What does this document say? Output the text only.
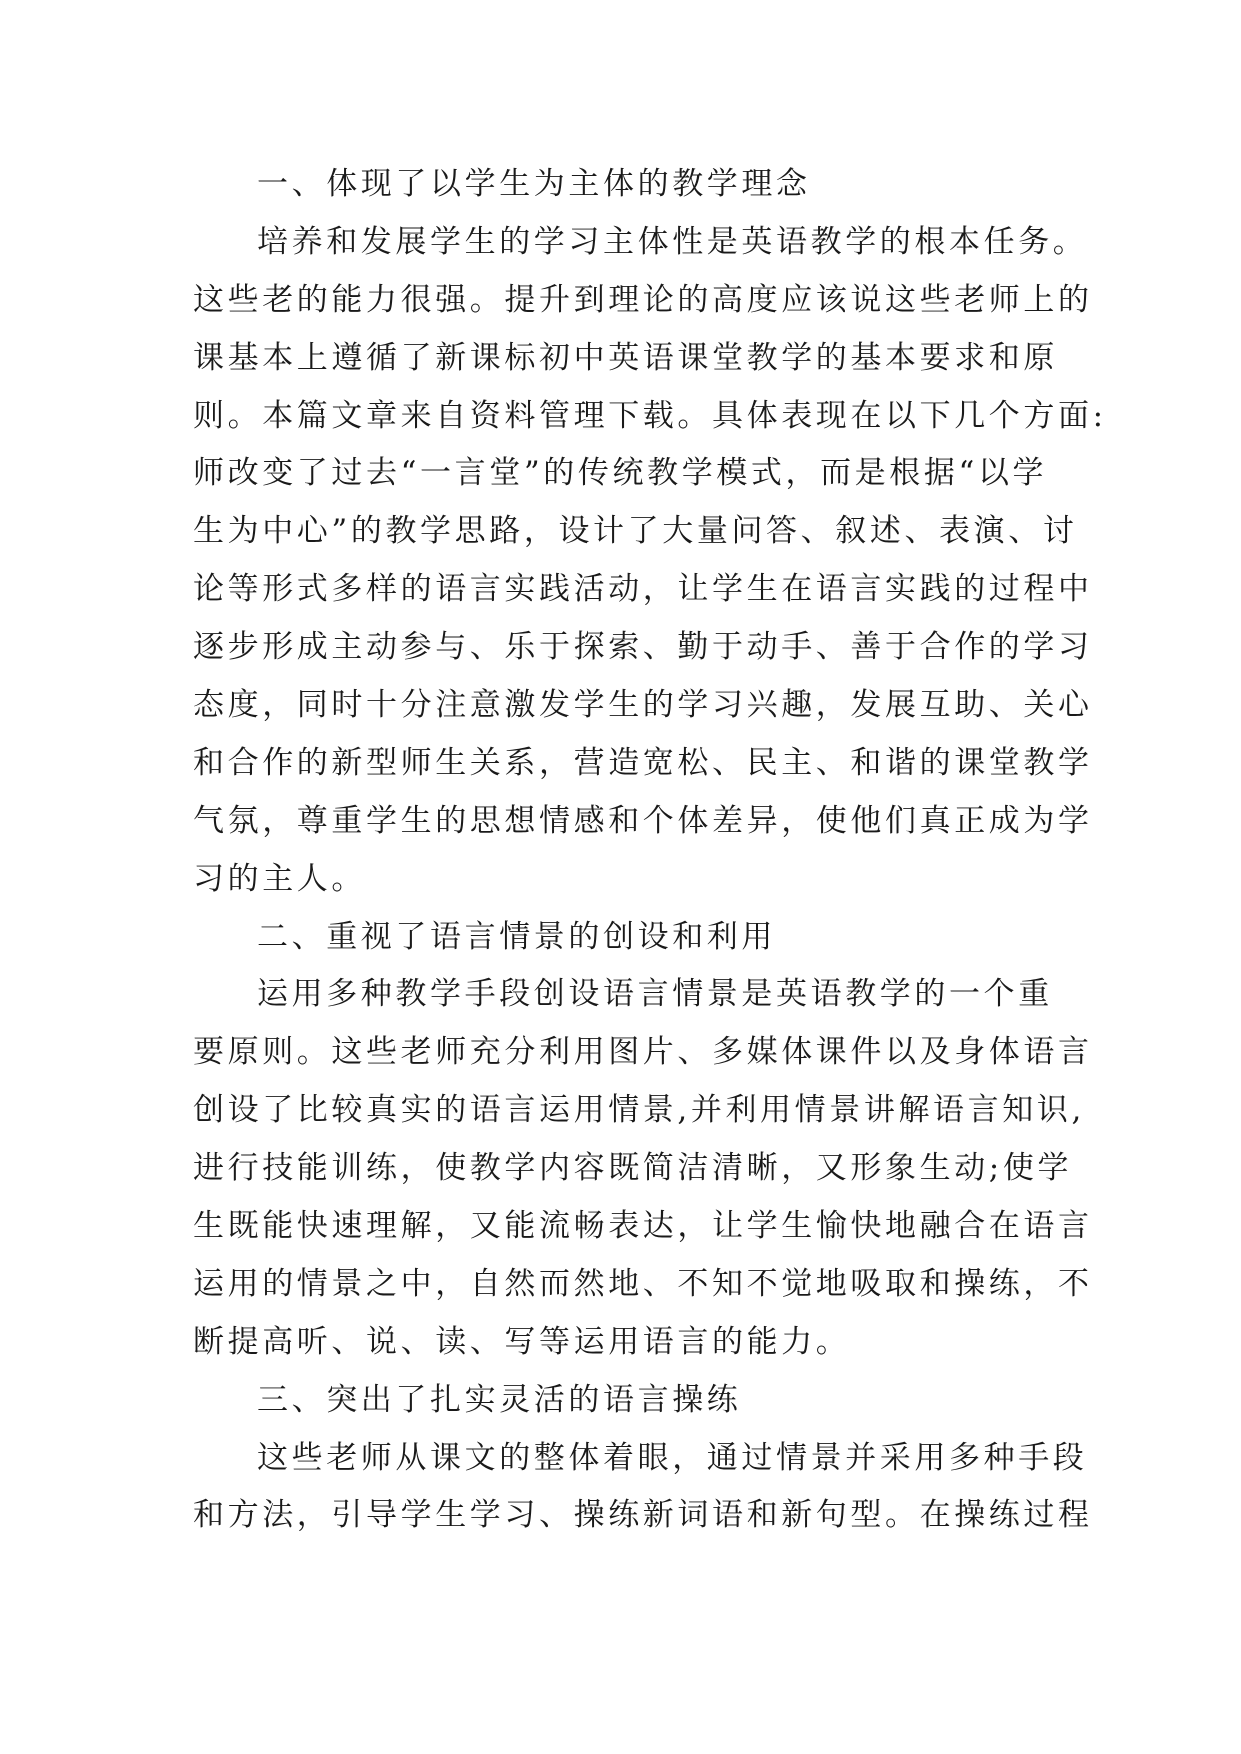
一、体现了以学生为主体的教学理念
培养和发展学生的学习主体性是英语教学的根本任务。
这些老的能力很强。提升到理论的高度应该说这些老师上的
课基本上遵循了新课标初中英语课堂教学的基本要求和原
则。本篇文章来自资料管理下载。具体表现在以下几个方面:
师改变了过去“一言堂”的传统教学模式，而是根据“以学
生为中心”的教学思路，设计了大量问答、叙述、表演、讨
论等形式多样的语言实践活动，让学生在语言实践的过程中
逐步形成主动参与、乐于探索、勤于动手、善于合作的学习
态度，同时十分注意激发学生的学习兴趣，发展互助、关心
和合作的新型师生关系，营造宽松、民主、和谐的课堂教学
气氛，尊重学生的思想情感和个体差异，使他们真正成为学
习的主人。
二、重视了语言情景的创设和利用
运用多种教学手段创设语言情景是英语教学的一个重
要原则。这些老师充分利用图片、多媒体课件以及身体语言
创设了比较真实的语言运用情景,并利用情景讲解语言知识,
进行技能训练，使教学内容既简洁清晰，又形象生动;使学
生既能快速理解，又能流畅表达，让学生愉快地融合在语言
运用的情景之中，自然而然地、不知不觉地吸取和操练，不
断提高听、说、读、写等运用语言的能力。
三、突出了扎实灵活的语言操练
这些老师从课文的整体着眼，通过情景并采用多种手段
和方法，引导学生学习、操练新词语和新句型。在操练过程
